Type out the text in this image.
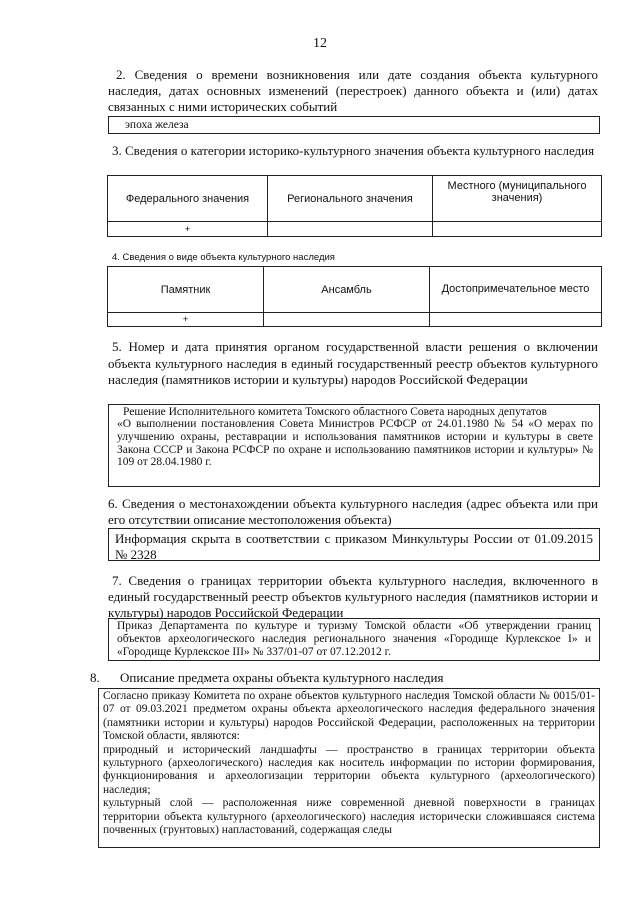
12
2. Сведения о времени возникновения или дате создания объекта культурного наследия, датах основных изменений (перестроек) данного объекта и (или) датах связанных с ними исторических событий
эпоха железа
3. Сведения о категории историко-культурного значения объекта культурного наследия
Федерального значения	Регионального значения	Местного (муниципального значения)
+		
4. Сведения о виде объекта культурного наследия
Памятник	Ансамбль	Достопримечательное место
+		
5. Номер и дата принятия органом государственной власти решения о включении объекта культурного наследия в единый государственный реестр объектов культурного наследия (памятников истории и культуры) народов Российской Федерации
Решение Исполнительного комитета Томского областного Совета народных депутатов
«О выполнении постановления Совета Министров РСФСР от 24.01.1980 № 54 «О мерах по улучшению охраны, реставрации и использования памятников истории и культуры в свете Закона СССР и Закона РСФСР по охране и использованию памятников истории и культуры» № 109 от 28.04.1980 г.
6. Сведения о местонахождении объекта культурного наследия (адрес объекта или при его отсутствии описание местоположения объекта)
Информация скрыта в соответствии с приказом Минкультуры России от 01.09.2015 № 2328
7. Сведения о границах территории объекта культурного наследия, включенного в единый государственный реестр объектов культурного наследия (памятников истории и культуры) народов Российской Федерации
Приказ Департамента по культуре и туризму Томской области «Об утверждении границ объектов археологического наследия регионального значения «Городище Курлекское I» и «Городище Курлекское III» № 337/01-07 от 07.12.2012 г.
8. Описание предмета охраны объекта культурного наследия
Согласно приказу Комитета по охране объектов культурного наследия Томской области № 0015/01-07 от 09.03.2021 предметом охраны объекта археологического наследия федерального значения (памятники истории и культуры) народов Российской Федерации, расположенных на территории Томской области, являются:
природный и исторический ландшафты — пространство в границах территории объекта культурного (археологического) наследия как носитель информации по истории формирования, функционирования и археологизации территории объекта культурного (археологического) наследия;
культурный слой — расположенная ниже современной дневной поверхности в границах территории объекта культурного (археологического) наследия исторически сложившаяся система почвенных (грунтовых) напластований, содержащая следы
